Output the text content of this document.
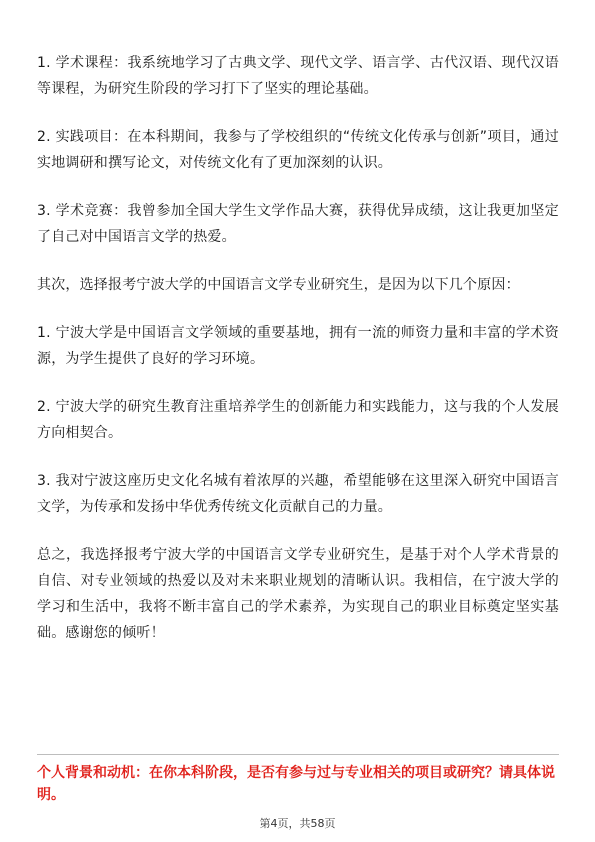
1. 学术课程：我系统地学习了古典文学、现代文学、语言学、古代汉语、现代汉语等课程，为研究生阶段的学习打下了坚实的理论基础。

2. 实践项目：在本科期间，我参与了学校组织的“传统文化传承与创新”项目，通过实地调研和撰写论文，对传统文化有了更加深刻的认识。

3. 学术竞赛：我曾参加全国大学生文学作品大赛，获得优异成绩，这让我更加坚定了自己对中国语言文学的热爱。

其次，选择报考宁波大学的中国语言文学专业研究生，是因为以下几个原因：

1. 宁波大学是中国语言文学领域的重要基地，拥有一流的师资力量和丰富的学术资源，为学生提供了良好的学习环境。

2. 宁波大学的研究生教育注重培养学生的创新能力和实践能力，这与我的个人发展方向相契合。

3. 我对宁波这座历史文化名城有着浓厚的兴趣，希望能够在这里深入研究中国语言文学，为传承和发扬中华优秀传统文化贡献自己的力量。

总之，我选择报考宁波大学的中国语言文学专业研究生，是基于对个人学术背景的自信、对专业领域的热爱以及对未来职业规划的清晰认识。我相信，在宁波大学的学习和生活中，我将不断丰富自己的学术素养，为实现自己的职业目标奠定坚实基础。感谢您的倾听！

个人背景和动机：在你本科阶段，是否有参与过与专业相关的项目或研究？请具体说明。

第4页，共58页
